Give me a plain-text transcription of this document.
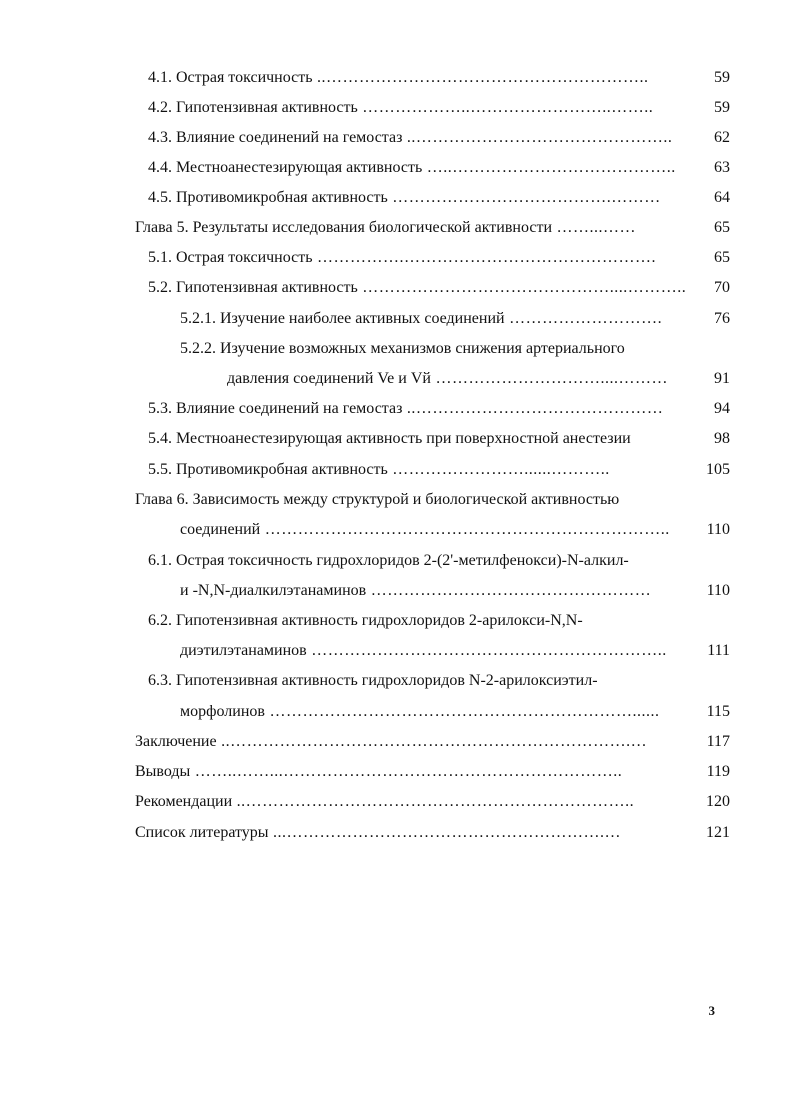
4.1. Острая токсичность ..…………………………………………………..	59
4.2. Гипотензивная активность ………………..……………………..……..	59
4.3. Влияние соединений на гемостаз ..………………………………………..	62
4.4. Местноанестезирующая активность …..…………………………………..	63
4.5. Противомикробная активность ………………………………….………	64
Глава 5. Результаты исследования биологической активности ……...……	65
5.1. Острая токсичность …………….……………………………………….	65
5.2. Гипотензивная активность ………………………………………....………..	70
5.2.1. Изучение наиболее активных соединений ……………………….	76
5.2.2. Изучение возможных механизмов снижения артериального
давления соединений Ve и Vй …………………………....………	91
5.3. Влияние соединений на гемостаз ..………………………………………	94
5.4. Местноанестезирующая активность при поверхностной анестезии	98
5.5. Противомикробная активность ……………………......………..	105
Глава 6. Зависимость между структурой и биологической активностью
соединений ………………………………………………………………..	110
6.1. Острая токсичность гидрохлоридов 2-(2'-метилфенокси)-N-алкил-
и -N,N-диалкилэтанаминов ……………………………………………	110
6.2. Гипотензивная активность гидрохлоридов 2-арилокси-N,N-
диэтилэтанаминов ………………………………………………………..	111
6.3. Гипотензивная активность гидрохлоридов N-2-арилоксиэтил-
морфолинов …………………………………………………………......	115
Заключение ..……………………………………………………………….…	117
Выводы ……..……...……………………………………………………..	119
Рекомендации ..……………………………………………………………..	120
Список литературы ...………………………………………………….…	121
3
